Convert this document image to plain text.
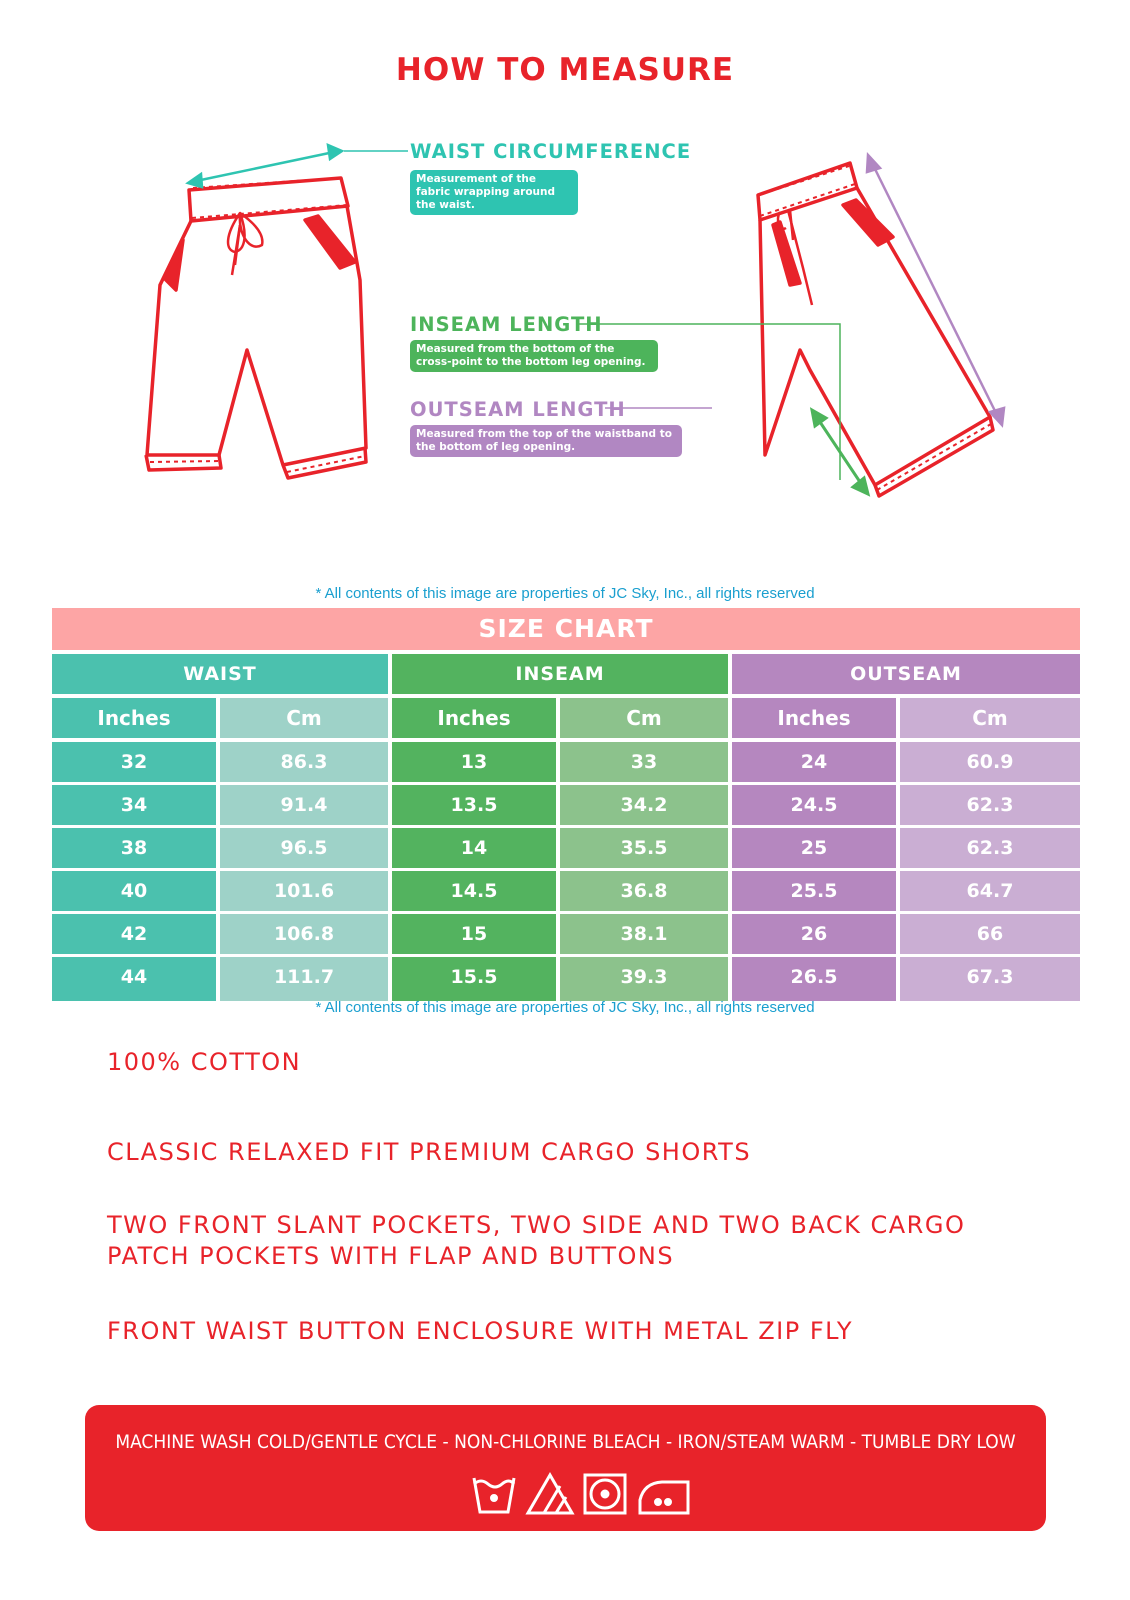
HOW TO MEASURE
WAIST CIRCUMFERENCE
Measurement of the fabric wrapping around the waist.
INSEAM LENGTH
Measured from the bottom of the cross-point to the bottom leg opening.
OUTSEAM LENGTH
Measured from the top of the waistband to the bottom of leg opening.
* All contents of this image are properties of JC Sky, Inc., all rights reserved
SIZE CHART
WAIST	INSEAM	OUTSEAM
Inches	Cm	Inches	Cm	Inches	Cm
32	86.3	13	33	24	60.9
34	91.4	13.5	34.2	24.5	62.3
38	96.5	14	35.5	25	62.3
40	101.6	14.5	36.8	25.5	64.7
42	106.8	15	38.1	26	66
44	111.7	15.5	39.3	26.5	67.3
* All contents of this image are properties of JC Sky, Inc., all rights reserved
100% COTTON
CLASSIC RELAXED FIT PREMIUM CARGO SHORTS
TWO FRONT SLANT POCKETS, TWO SIDE AND TWO BACK CARGO PATCH POCKETS WITH FLAP AND BUTTONS
FRONT WAIST BUTTON ENCLOSURE WITH METAL ZIP FLY
MACHINE WASH COLD/GENTLE CYCLE - NON-CHLORINE BLEACH - IRON/STEAM WARM - TUMBLE DRY LOW
